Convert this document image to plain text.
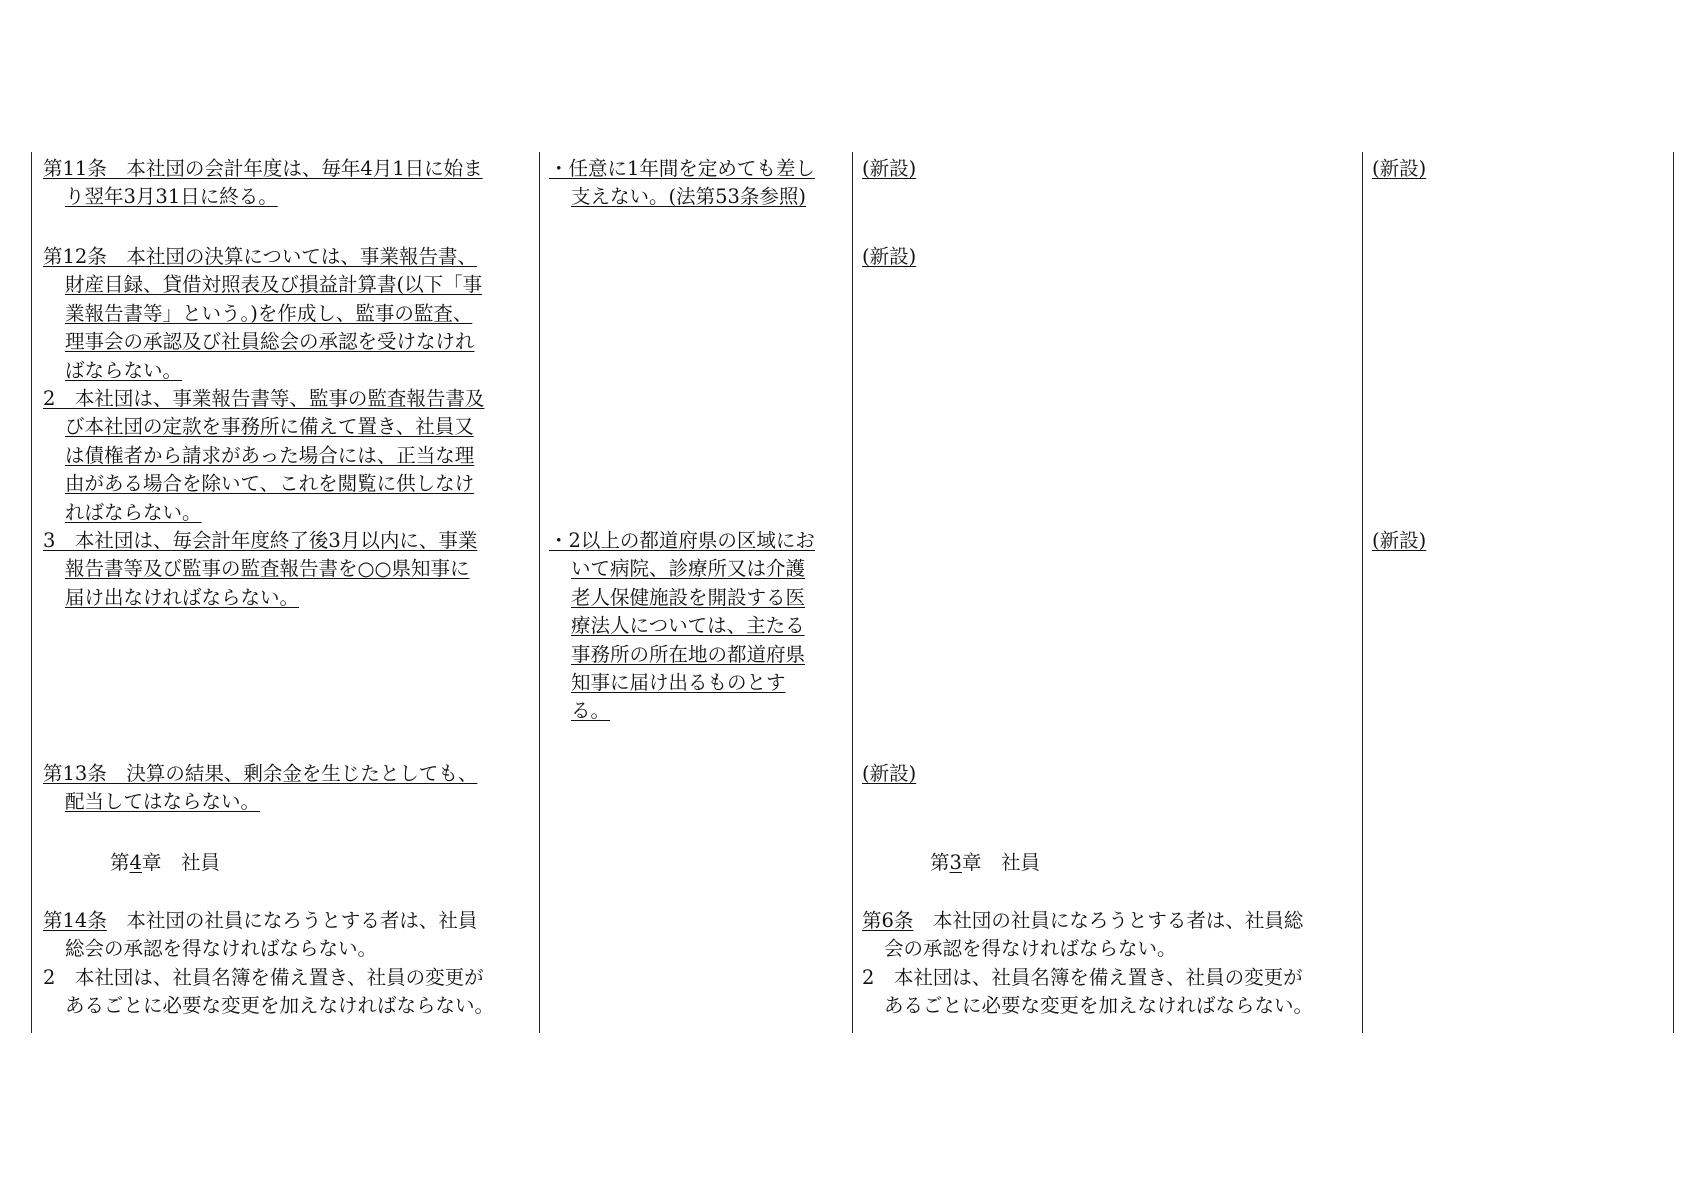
第11条　本社団の会計年度は、毎年4月1日に始ま
り翌年3月31日に終る。
第12条　本社団の決算については、事業報告書、
財産目録、貸借対照表及び損益計算書(以下「事
業報告書等」という。)を作成し、監事の監査、
理事会の承認及び社員総会の承認を受けなけれ
ばならない。
2　本社団は、事業報告書等、監事の監査報告書及
び本社団の定款を事務所に備えて置き、社員又
は債権者から請求があった場合には、正当な理
由がある場合を除いて、これを閲覧に供しなけ
ればならない。
3　本社団は、毎会計年度終了後3月以内に、事業
報告書等及び監事の監査報告書を○○県知事に
届け出なければならない。
第13条　決算の結果、剰余金を生じたとしても、
配当してはならない。
第4章　社員
第14条　本社団の社員になろうとする者は、社員
総会の承認を得なければならない。
2　本社団は、社員名簿を備え置き、社員の変更が
あるごとに必要な変更を加えなければならない。
・任意に1年間を定めても差し
支えない。(法第53条参照)
・2以上の都道府県の区域にお
いて病院、診療所又は介護
老人保健施設を開設する医
療法人については、主たる
事務所の所在地の都道府県
知事に届け出るものとす
る。
(新設)
(新設)
(新設)
第3章　社員
第6条　本社団の社員になろうとする者は、社員総
会の承認を得なければならない。
2　本社団は、社員名簿を備え置き、社員の変更が
あるごとに必要な変更を加えなければならない。
(新設)
(新設)
